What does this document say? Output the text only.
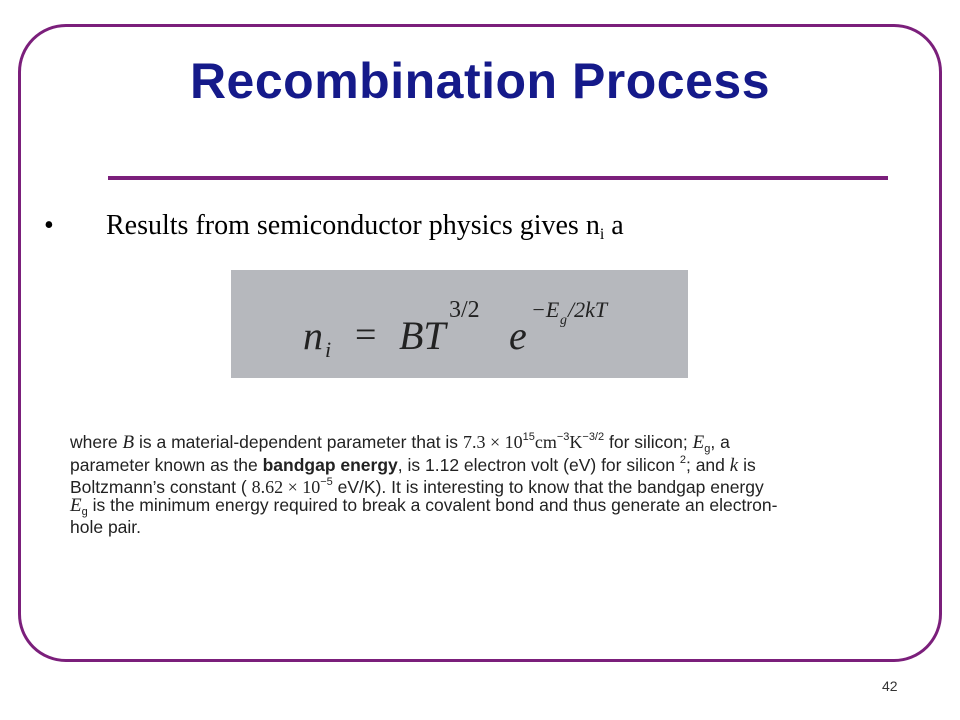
Recombination Process
• Results from semiconductor physics gives $n_i$ a
n i = BT
3/2
e
−E g /2kT
where B is a material-dependent parameter that is $7.3 \times 10^{15}cm^{-3}K^{-3/2}$ for silicon; $E_g$, a
parameter known as the bandgap energy, is 1.12 electron volt (eV) for silicon $^2$; and k is
Boltzmann’s constant ( $8.62 \times 10^{-5}$ eV/K). It is interesting to know that the bandgap energy
$E_g$ is the minimum energy required to break a covalent bond and thus generate an electron-
hole pair.
42
